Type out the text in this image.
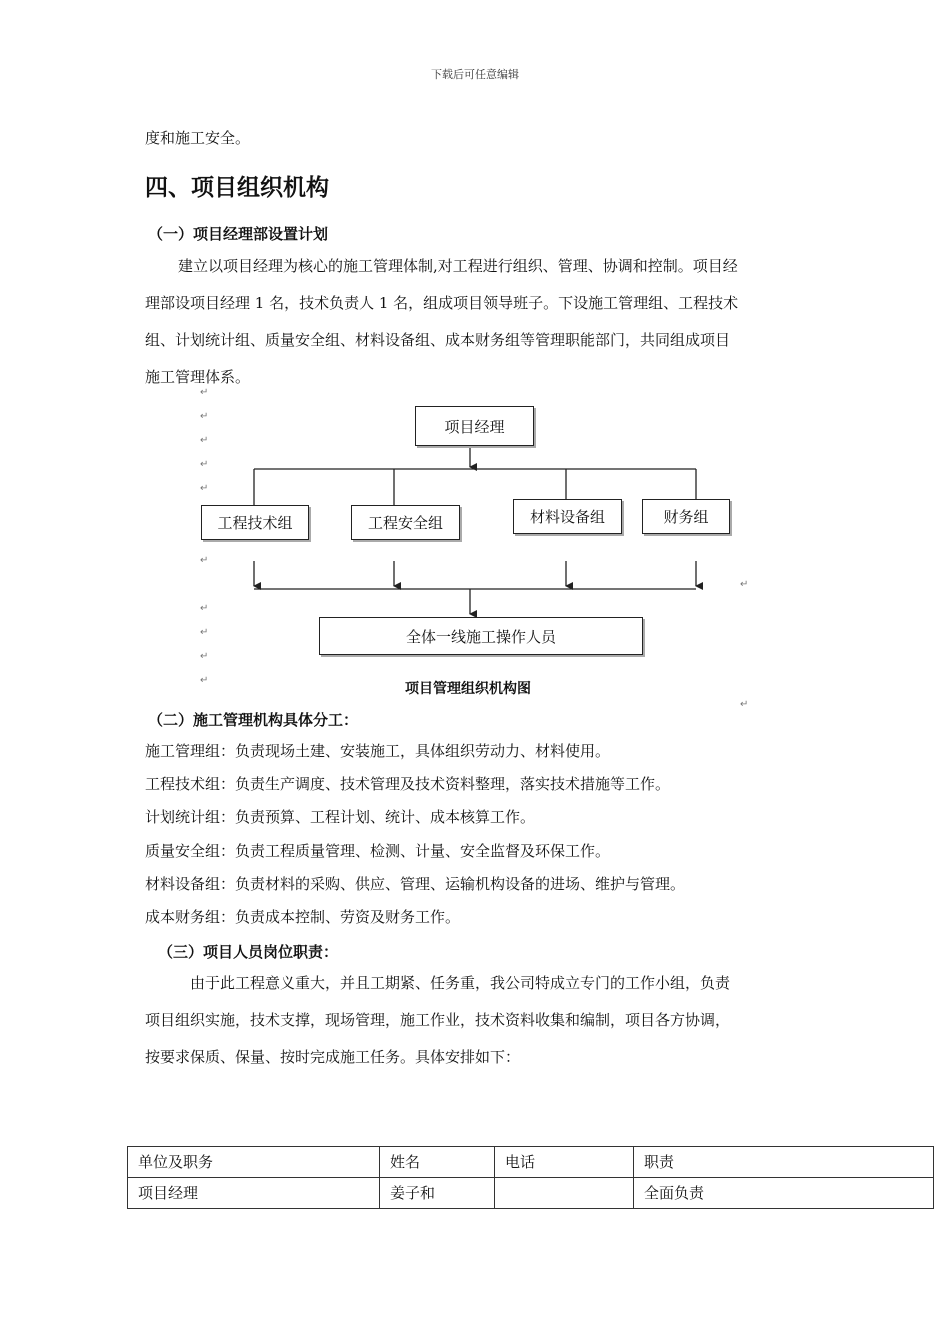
下载后可任意编辑
度和施工安全。
四、项目组织机构
（一）项目经理部设置计划
建立以项目经理为核心的施工管理体制,对工程进行组织、管理、协调和控制。项目经
理部设项目经理 1 名，技术负责人 1 名，组成项目领导班子。下设施工管理组、工程技术
组、计划统计组、质量安全组、材料设备组、成本财务组等管理职能部门，共同组成项目
施工管理体系。
↵
↵
↵
↵
↵
↵
↵
↵
↵
↵
↵
↵
项目经理
工程技术组	工程安全组	材料设备组	财务组
全体一线施工操作人员
项目管理组织机构图
（二）施工管理机构具体分工：
施工管理组：负责现场土建、安装施工，具体组织劳动力、材料使用。
工程技术组：负责生产调度、技术管理及技术资料整理，落实技术措施等工作。
计划统计组：负责预算、工程计划、统计、成本核算工作。
质量安全组：负责工程质量管理、检测、计量、安全监督及环保工作。
材料设备组：负责材料的采购、供应、管理、运输机构设备的进场、维护与管理。
成本财务组：负责成本控制、劳资及财务工作。
（三）项目人员岗位职责：
由于此工程意义重大，并且工期紧、任务重，我公司特成立专门的工作小组，负责
项目组织实施，技术支撑，现场管理，施工作业，技术资料收集和编制，项目各方协调，
按要求保质、保量、按时完成施工任务。具体安排如下：
单位及职务	姓名	电话	职责
项目经理	姜子和		全面负责
